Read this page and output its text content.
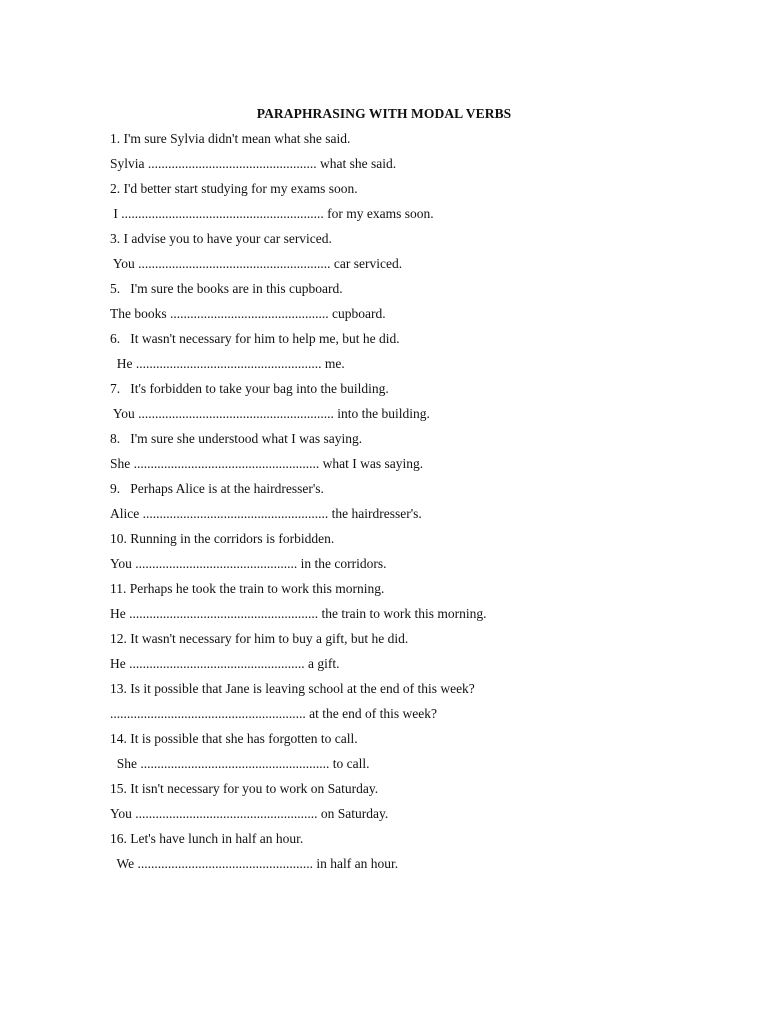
PARAPHRASING WITH MODAL VERBS
1. I'm sure Sylvia didn't mean what she said.
Sylvia .................................................. what she said.
2. I'd better start studying for my exams soon.
I ............................................................ for my exams soon.
3. I advise you to have your car serviced.
You ......................................................... car serviced.
5.   I'm sure the books are in this cupboard.
The books ............................................... cupboard.
6.   It wasn't necessary for him to help me, but he did.
He ....................................................... me.
7.   It's forbidden to take your bag into the building.
You .......................................................... into the building.
8.   I'm sure she understood what I was saying.
She ....................................................... what I was saying.
9.   Perhaps Alice is at the hairdresser's.
Alice ....................................................... the hairdresser's.
10. Running in the corridors is forbidden.
You ................................................ in the corridors.
11. Perhaps he took the train to work this morning.
He ........................................................ the train to work this morning.
12. It wasn't necessary for him to buy a gift, but he did.
He .................................................... a gift.
13. Is it possible that Jane is leaving school at the end of this week?
.......................................................... at the end of this week?
14. It is possible that she has forgotten to call.
She ........................................................ to call.
15. It isn't necessary for you to work on Saturday.
You ...................................................... on Saturday.
16. Let's have lunch in half an hour.
We .................................................... in half an hour.
